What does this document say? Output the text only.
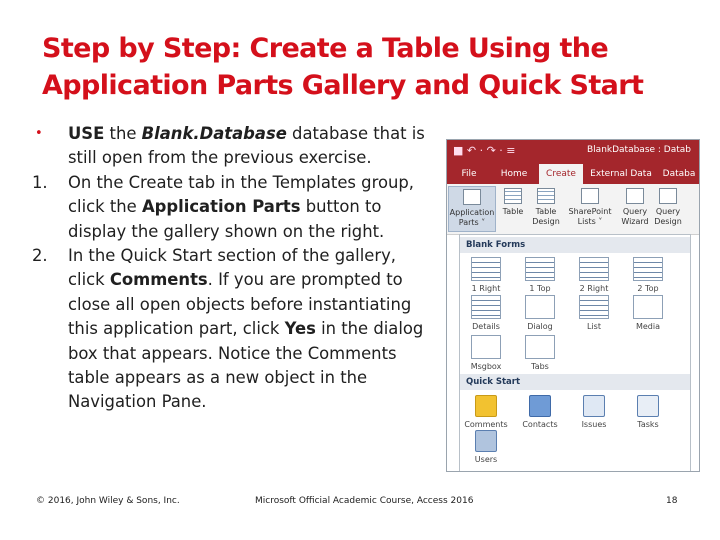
Step by Step: Create a Table Using the Application Parts Gallery and Quick Start
•	USE the Blank.Database database that is still open from the previous exercise.
1.	On the Create tab in the Templates group, click the Application Parts button to display the gallery shown on the right.
2.	In the Quick Start section of the gallery, click Comments. If you are prompted to close all open objects before instantiating this application part, click Yes in the dialog box that appears. Notice the Comments table appears as a new object in the Navigation Pane.
■ ↶ · ↷ · ≡	BlankDatabase : Datab
File	Home	Create	External Data	Databa
Application Parts ˅
Table	Table Design
SharePoint Lists ˅
Query Wizard
Query Design
Blank Forms
1 Right	1 Top	2 Right	2 Top
Details	Dialog	List	Media
Msgbox	Tabs
Quick Start
Comments	Contacts	Issues	Tasks
Users
© 2016, John Wiley & Sons, Inc.	Microsoft Official Academic Course, Access 2016	18
